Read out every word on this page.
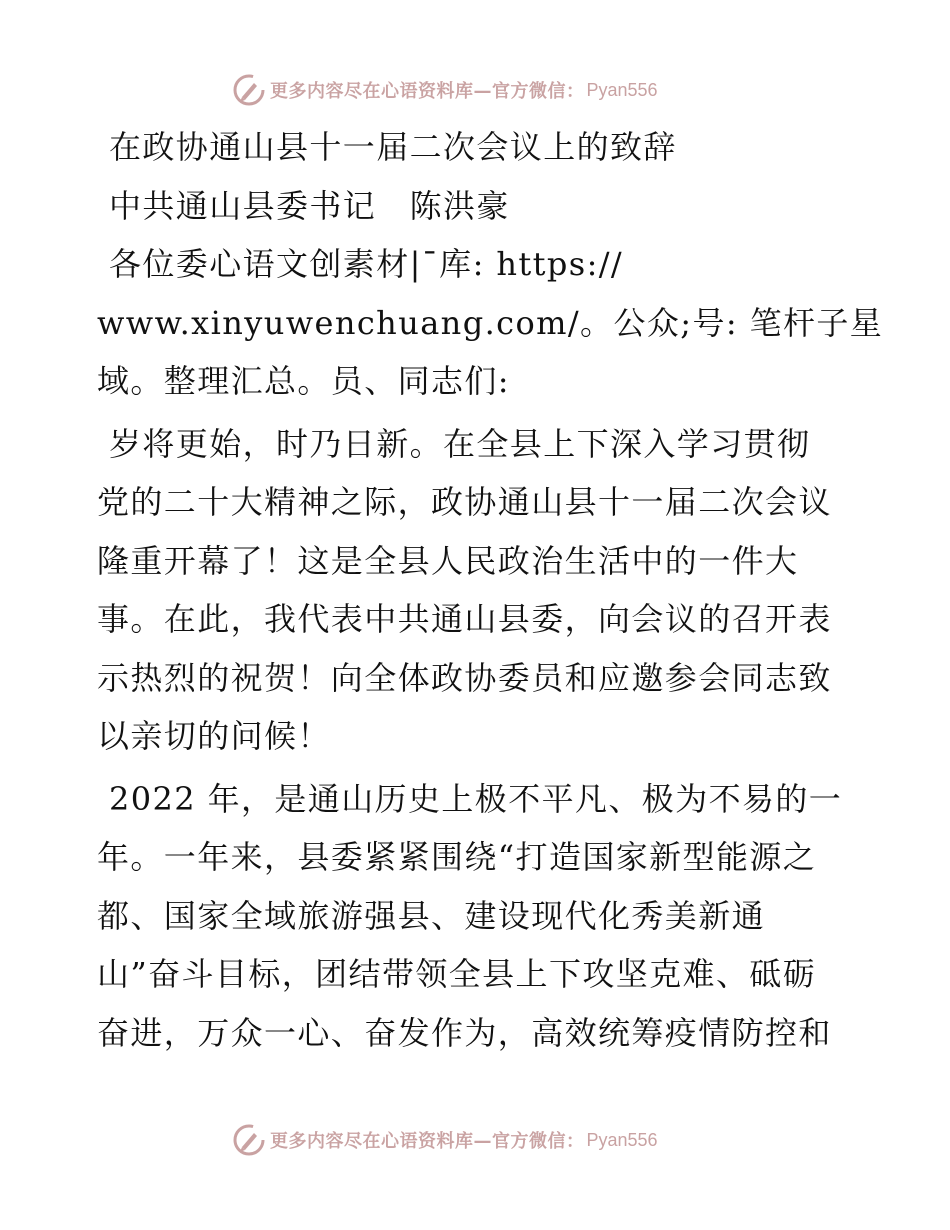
更多内容尽在心语资料库—官方微信： Pyan556

在政协通山县十一届二次会议上的致辞

中共通山县委书记　陈洪豪

各位委心语文创素材|¯库: https://

www.xinyuwenchuang.com/。公众;号: 笔杆子星

域。整理汇总。员、同志们:

岁将更始，时乃日新。在全县上下深入学习贯彻

党的二十大精神之际，政协通山县十一届二次会议

隆重开幕了！这是全县人民政治生活中的一件大

事。在此，我代表中共通山县委，向会议的召开表

示热烈的祝贺！向全体政协委员和应邀参会同志致

以亲切的问候！

2022 年，是通山历史上极不平凡、极为不易的一

年。一年来，县委紧紧围绕“打造国家新型能源之

都、国家全域旅游强县、建设现代化秀美新通

山”奋斗目标，团结带领全县上下攻坚克难、砥砺

奋进，万众一心、奋发作为，高效统筹疫情防控和

更多内容尽在心语资料库—官方微信： Pyan556
